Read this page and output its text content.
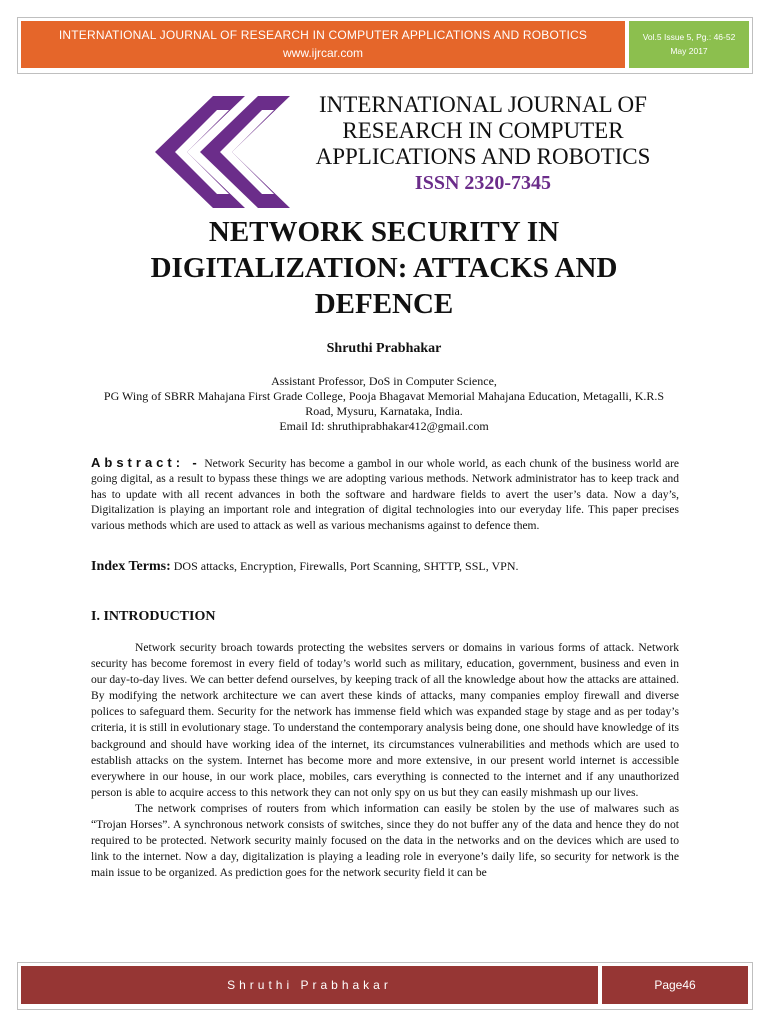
INTERNATIONAL JOURNAL OF RESEARCH IN COMPUTER APPLICATIONS AND ROBOTICS
www.ijrcar.com
Vol.5 Issue 5, Pg.: 46-52
May 2017
INTERNATIONAL JOURNAL OF
RESEARCH IN COMPUTER
APPLICATIONS AND ROBOTICS
ISSN 2320-7345
NETWORK SECURITY IN
DIGITALIZATION: ATTACKS AND
DEFENCE
Shruthi Prabhakar
Assistant Professor, DoS in Computer Science,
PG Wing of SBRR Mahajana First Grade College, Pooja Bhagavat Memorial Mahajana Education, Metagalli, K.R.S
Road, Mysuru, Karnataka, India.
Email Id: shruthiprabhakar412@gmail.com
Abstract: - Network Security has become a gambol in our whole world, as each chunk of the business world are going digital, as a result to bypass these things we are adopting various methods. Network administrator has to keep track and has to update with all recent advances in both the software and hardware fields to avert the user’s data. Now a day’s, Digitalization is playing an important role and integration of digital technologies into our everyday life. This paper precises various methods which are used to attack as well as various mechanisms against to defence them.
Index Terms: DOS attacks, Encryption, Firewalls, Port Scanning, SHTTP, SSL, VPN.
I. INTRODUCTION

Network security broach towards protecting the websites servers or domains in various forms of attack. Network security has become foremost in every field of today’s world such as military, education, government, business and even in our day-to-day lives. We can better defend ourselves, by keeping track of all the knowledge about how the attacks are attained. By modifying the network architecture we can avert these kinds of attacks, many companies employ firewall and diverse polices to safeguard them. Security for the network has immense field which was expanded stage by stage and as per today’s criteria, it is still in evolutionary stage. To understand the contemporary analysis being done, one should have knowledge of its background and should have working idea of the internet, its circumstances vulnerabilities and methods which are used to establish attacks on the system. Internet has become more and more extensive, in our present world internet is accessible everywhere in our house, in our work place, mobiles, cars everything is connected to the internet and if any unauthorized person is able to acquire access to this network they can not only spy on us but they can easily mishmash up our lives.

The network comprises of routers from which information can easily be stolen by the use of malwares such as “Trojan Horses”. A synchronous network consists of switches, since they do not buffer any of the data and hence they do not required to be protected. Network security mainly focused on the data in the networks and on the devices which are used to link to the internet. Now a day, digitalization is playing a leading role in everyone’s daily life, so security for network is the main issue to be organized. As prediction goes for the network security field it can be

Shruthi Prabhakar	Page46
